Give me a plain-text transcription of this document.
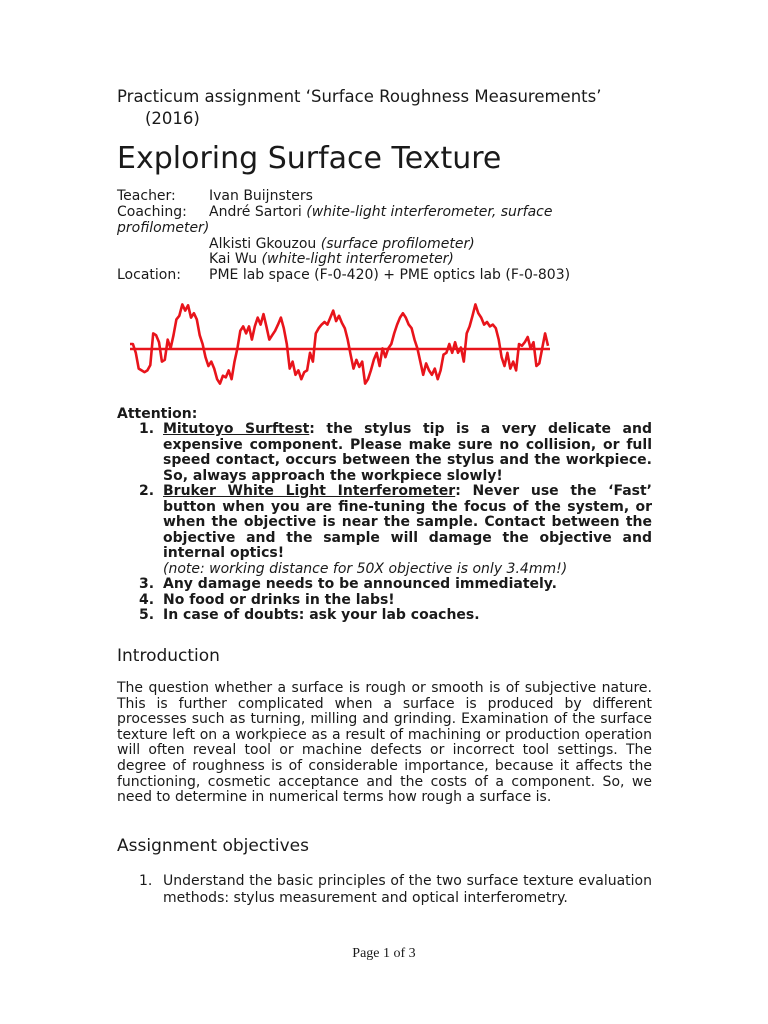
Practicum assignment ‘Surface Roughness Measurements’
(2016)
Exploring Surface Texture
Teacher: Ivan Buijnsters
Coaching: André Sartori (white-light interferometer, surface
profilometer)
Alkisti Gkouzou (surface profilometer)
Kai Wu (white-light interferometer)
Location: PME lab space (F-0-420) + PME optics lab (F-0-803)
Attention:
1. Mitutoyo Surftest: the stylus tip is a very delicate and expensive component. Please make sure no collision, or full speed contact, occurs between the stylus and the workpiece. So, always approach the workpiece slowly!
2. Bruker White Light Interferometer: Never use the ‘Fast’ button when you are fine-tuning the focus of the system, or when the objective is near the sample. Contact between the objective and the sample will damage the objective and internal optics!
(note: working distance for 50X objective is only 3.4mm!)
3. Any damage needs to be announced immediately.
4. No food or drinks in the labs!
5. In case of doubts: ask your lab coaches.
Introduction
The question whether a surface is rough or smooth is of subjective nature. This is further complicated when a surface is produced by different processes such as turning, milling and grinding. Examination of the surface texture left on a workpiece as a result of machining or production operation will often reveal tool or machine defects or incorrect tool settings. The degree of roughness is of considerable importance, because it affects the functioning, cosmetic acceptance and the costs of a component. So, we need to determine in numerical terms how rough a surface is.
Assignment objectives
1. Understand the basic principles of the two surface texture evaluation methods: stylus measurement and optical interferometry.
Page 1 of 3
